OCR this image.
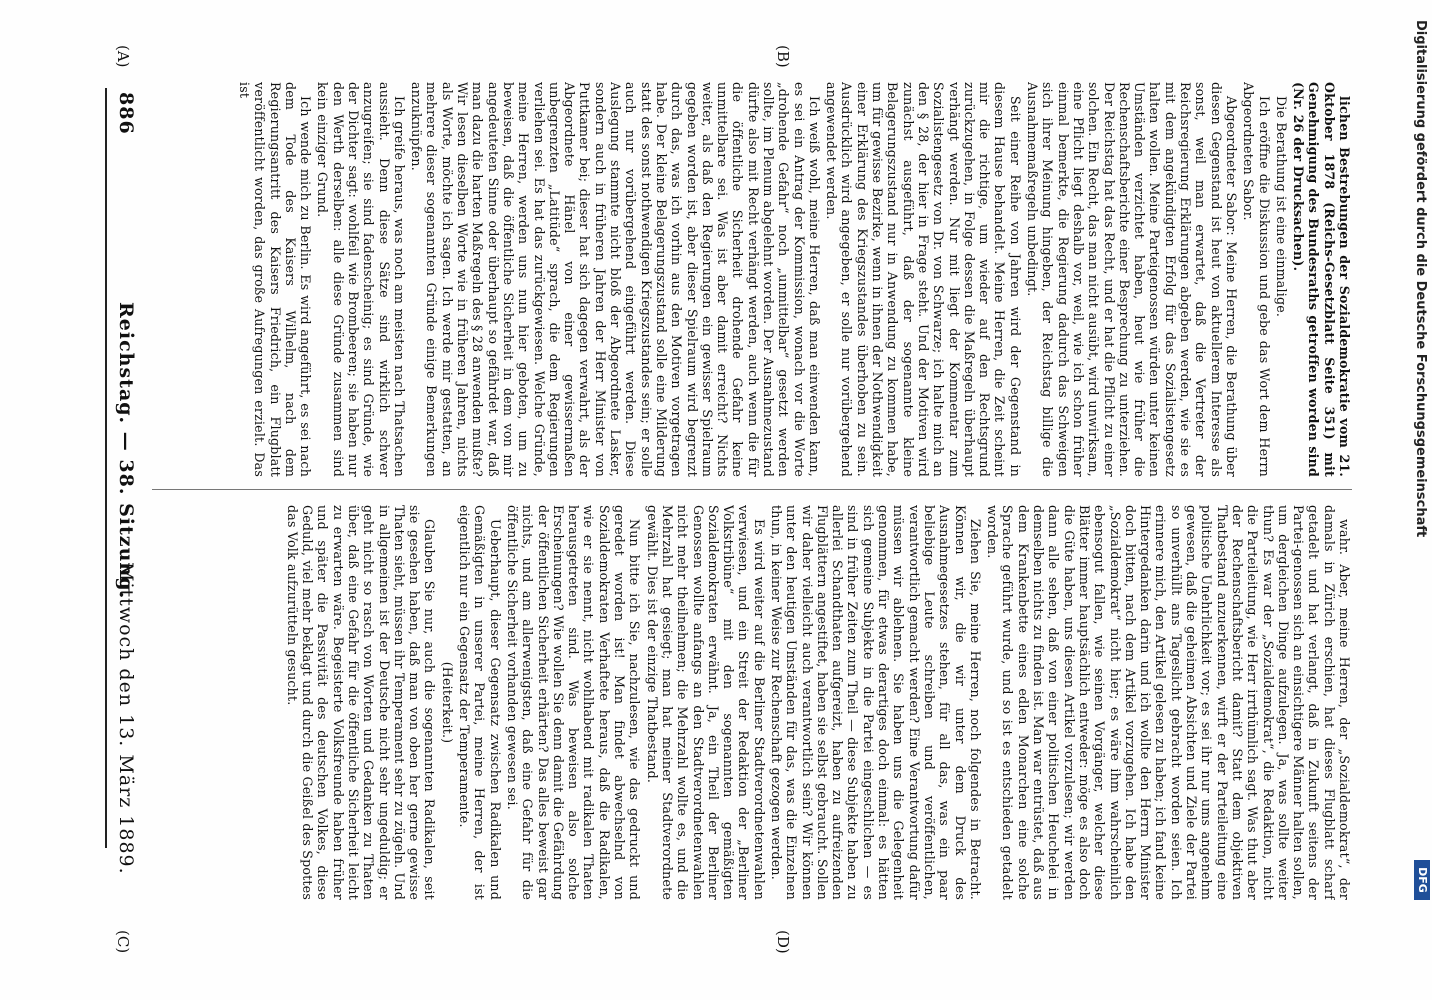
886
Reichstag. — 38. Sitzung.
Mittwoch den 13. März 1889.
(A)	(B)
(C)	(D)

lichen Bestrebungen der Sozialdemokratie vom 21. Oktober 1878 (Reichs-Gesetzblatt Seite 351) mit Genehmigung des Bundesraths getroffen worden sind (Nr. 26 der Drucksachen).

Die Berathung ist eine einmalige.

Ich eröffne die Diskussion und gebe das Wort dem Herrn Abgeordneten Sabor.

Abgeordneter Sabor: Meine Herren, die Berathung über diesen Gegenstand ist heut von aktuellerem Interesse als sonst, weil man erwartet, daß die Vertreter der Reichsregierung Erklärungen abgeben werden, wie sie es mit dem angekündigten Erfolg für das Sozialistengesetz halten wollen. Meine Parteigenossen würden unter keinen Umständen verzichtet haben, heut wie früher die Rechenschaftsberichte einer Besprechung zu unterziehen. Der Reichstag hat das Recht, und er hat die Pflicht zu einer solchen. Ein Recht, das man nicht ausübt, wird unwirksam, eine Pflicht liegt deshalb vor, weil, wie ich schon früher einmal bemerkte, die Regierung dadurch das Schweigen sich ihrer Meinung hingeben, der Reichstag billige die Ausnahmemaßregeln unbedingt.

Seit einer Reihe von Jahren wird der Gegenstand in diesem Hause behandelt. Meine Herren, die Zeit scheint mir die richtige, um wieder auf den Rechtsgrund zurückzugehen, in Folge dessen die Maßregeln überhaupt verhängt werden. Nur mit liegt der Kommentar zum Sozialistengesetz von Dr. von Schwarze; ich halte mich an den § 28, der hier in Frage steht. Und der Motiven wird zunächst ausgeführt, daß der sogenannte kleine Belagerungszustand nur in Anwendung zu kommen habe, um für gewisse Bezirke, wenn in ihnen der Nothwendigkeit einer Erklärung des Kriegszustandes überhoben zu sein. Ausdrücklich wird angegeben, er solle nur vorübergehend angewendet werden.

Ich weiß wohl, meine Herren, daß man einwenden kann, es sei ein Antrag der Kommission, wonach vor die Worte „drohende Gefahr“ noch „unmittelbar“ gesetzt werden sollte, im Plenum abgelehnt worden. Der Ausnahmezustand dürfte also mit Recht verhängt werden, auch wenn die für die öffentliche Sicherheit drohende Gefahr keine unmittelbare sei. Was ist aber damit erreicht? Nichts weiter, als daß den Regierungen ein gewisser Spielraum gegeben worden ist, aber dieser Spielraum wird begrenzt durch das, was ich vorhin aus den Motiven vorgetragen habe. Der kleine Belagerungszustand solle eine Milderung statt des sonst nothwendigen Kriegszustandes sein; er solle auch nur vorübergehend eingeführt werden. Diese Auslegung stammte nicht bloß der Abgeordnete Lasker, sondern auch in früheren Jahren der Herr Minister von Puttkamer bei; dieser hat sich dagegen verwahrt, als der Abgeordnete Hänel von einer gewissermaßen unbegrenzten „Latitüde“ sprach, die dem Regierungen verliehen sei. Es hat das zurückgewiesen. Welche Gründe, meine Herren, werden uns nun hier geboten, um zu beweisen, daß die öffentliche Sicherheit in dem von mir angedeuteten Sinne oder überhaupt so gefährdet war, daß man dazu die harten Maßregeln des § 28 anwenden mußte? Wir lesen dieselben Worte wie in früheren Jahren, nichts als Worte, möchte ich sagen. Ich werde mir gestatten, an mehrere dieser sogenannten Gründe einige Bemerkungen anzuknüpfen.

Ich greife heraus, was noch am meisten nach Thatsachen aussieht. Denn diese Sätze sind wirklich schwer anzugreifen; sie sind fadenscheinig; es sind Gründe, wie der Dichter sagt: wohlfeil wie Brombeeren; sie haben nur den Werth derselben: alle diese Gründe zusammen sind kein einziger Grund.

Ich wende mich zu Berlin. Es wird angeführt, es sei nach dem Tode des Kaisers Wilhelm, nach dem Regierungsantritt des Kaisers Friedrich, ein Flugblatt veröffentlicht worden, das große Aufregungen erzielt. Das ist

wahr. Aber, meine Herren, der „Sozialdemokrat“, der damals in Zürich erschien, hat dieses Flugblatt scharf getadelt und hat verlangt, daß in Zukunft seitens der Partei-genossen sich an einsichtigere Männer halten sollen, um dergleichen Dinge aufzulegen. Ja, was sollte weiter thun? Es war der „Sozialdemokrat“, die Redaktion, nicht die Parteileitung, wie Herr irrthümlich sagt. Was thut aber der Rechenschaftsbericht damit? Statt dem objektiven Thatbestand anzuerkennen, wirft er der Parteileitung eine politische Unehrlichkeit vor; es sei ihr nur ums angenehm gewesen, daß die geheimen Absichten und Ziele der Partei so unverhüllt ans Tageslicht gebracht worden seien. Ich erinnere mich, den Artikel gelesen zu haben; ich fand keine Hintergedanken darin und ich wollte den Herrn Minister doch bitten, nach dem Artikel vorzugehen. Ich habe den „Sozialdemokrat“ nicht hier; es wäre ihm wahrscheinlich ebensogut fallen, wie seinen Vorgänger, welcher diese Blätter immer hauptsächlich entweder: möge es also doch die Güte haben, uns diesen Artikel vorzulesen; wir werden dann alle sehen, daß von einer politischen Heuchelei in demselben nichts zu finden ist. Man war entrüstet, daß aus dem Krankenbette eines edlen Monarchen eine solche Sprache geführt wurde, und so ist es entschieden getadelt worden.

Ziehen Sie, meine Herren, noch folgendes in Betracht. Können wir, die wir unter dem Druck des Ausnahmegesetzes stehen, für all das, was ein paar beliebige Leute schreiben und veröffentlichen, verantwortlich gemacht werden? Eine Verantwortung dafür müssen wir ablehnen. Sie haben uns die Gelegenheit genommen, für etwas derartiges doch einmal: es hätten sich gemeine Subjekte in die Partei eingeschlichen — es sind in früher Zeiten zum Theil — diese Subjekte haben zu allerlei Schandthaten aufgereizt, haben zu aufreizenden Flugblättern angestiftet, haben sie selbst gebraucht. Sollen wir daher vielleicht auch verantwortlich sein? Wir können unter den heutigen Umständen für das, was die Einzelnen thun, in keiner Weise zur Rechenschaft gezogen werden.

Es wird weiter auf die Berliner Stadtverordnetenwahlen verwiesen, und ein Streit der Redaktion der „Berliner Volkstribüne“ mit den sogenannten gemäßigten Sozialdemokraten erwähnt. Ja, ein Theil der Berliner Genossen wollte anfangs an den Stadtverordnetenwahlen nicht mehr theilnehmen; die Mehrzahl wollte es, und die Mehrzahl hat gesiegt; man hat meiner Stadtverordnete gewählt. Dies ist der einzige Thatbestand.

Nun bitte ich Sie, nachzulesen, wie das gedruckt und geredet worden ist! Man findet abwechselnd von Sozialdemokraten Verhaftete heraus, daß die Radikalen, wie er sie nennt, nicht wohlhabend mit radikalen Thaten herausgetreten sind. Was beweisen also solche Erscheinungen? Wie wollen Sie denn damit die Gefährdung der öffentlichen Sicherheit erhärten? Das alles beweist gar nichts, und am allerwenigsten, daß eine Gefahr für die öffentliche Sicherheit vorhanden gewesen sei.

Ueberhaupt, dieser Gegensatz zwischen Radikalen und Gemäßigten in unserer Partei, meine Herren, der ist eigentlich nur ein Gegensatz der Temperamente.

(Heiterkeit.)

Glauben Sie nur, auch die sogenannten Radikalen, seit sie gesehen haben, daß man von oben her gerne gewisse Thaten sieht, müssen ihr Temperament sehr zu zügeln. Und in allgemeinen ist der Deutsche nicht sehr ungeduldig; er geht nicht so rasch von Worten und Gedanken zu Thaten über, daß eine Gefahr für die öffentliche Sicherheit leicht zu erwarten wäre. Begeisterte Volksfreunde haben früher und später die Passivität des deutschen Volkes, diese Geduld, viel mehr beklagt und durch die Geißel des Spottes das Volk aufzurütteln gesucht.

Digitalisierung gefördert durch die Deutsche Forschungsgemeinschaft
DFG
